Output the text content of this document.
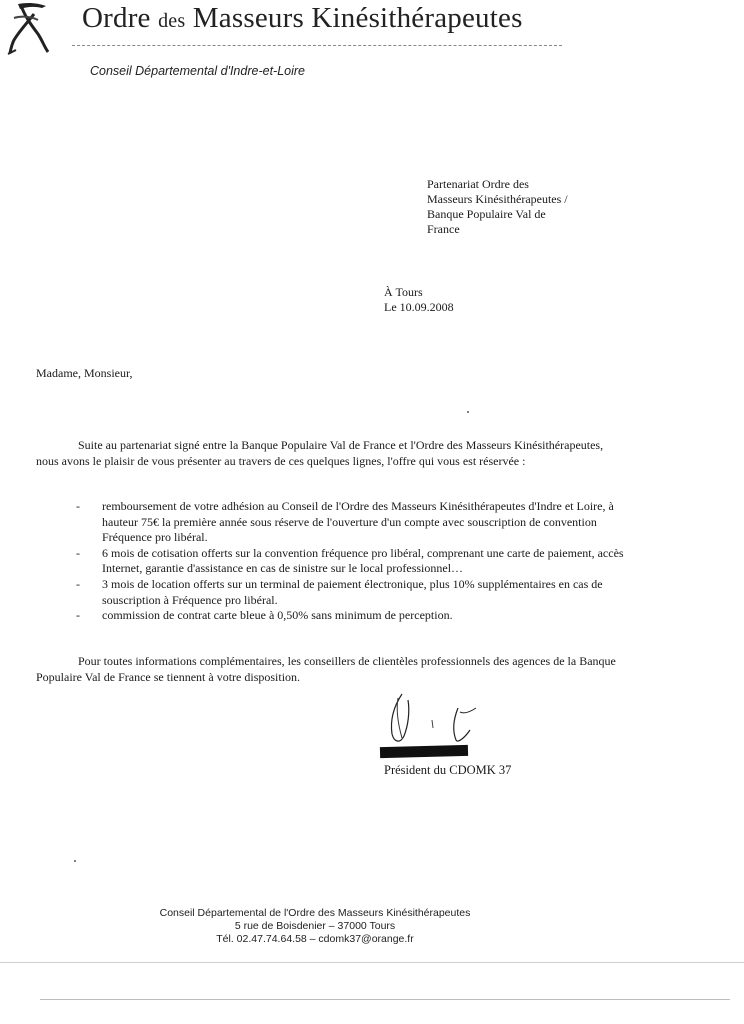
Ordre des Masseurs Kinésithérapeutes
Conseil Départemental d'Indre-et-Loire
Partenariat Ordre des
Masseurs Kinésithérapeutes /
Banque Populaire Val de
France
À Tours
Le 10.09.2008
Madame, Monsieur,
Suite au partenariat signé entre la Banque Populaire Val de France et l'Ordre des Masseurs Kinésithérapeutes, nous avons le plaisir de vous présenter au travers de ces quelques lignes, l'offre qui vous est réservée :
- remboursement de votre adhésion au Conseil de l'Ordre des Masseurs Kinésithérapeutes d'Indre et Loire, à hauteur 75€ la première année sous réserve de l'ouverture d'un compte avec souscription de convention Fréquence pro libéral.
- 6 mois de cotisation offerts sur la convention fréquence pro libéral, comprenant une carte de paiement, accès Internet, garantie d'assistance en cas de sinistre sur le local professionnel…
- 3 mois de location offerts sur un terminal de paiement électronique, plus 10% supplémentaires en cas de souscription à Fréquence pro libéral.
- commission de contrat carte bleue à 0,50% sans minimum de perception.
Pour toutes informations complémentaires, les conseillers de clientèles professionnels des agences de la Banque Populaire Val de France se tiennent à votre disposition.
Pascal RIVIERE
Président du CDOMK 37
Conseil Départemental de l'Ordre des Masseurs Kinésithérapeutes
5 rue de Boisdenier – 37000 Tours
Tél. 02.47.74.64.58 – cdomk37@orange.fr
